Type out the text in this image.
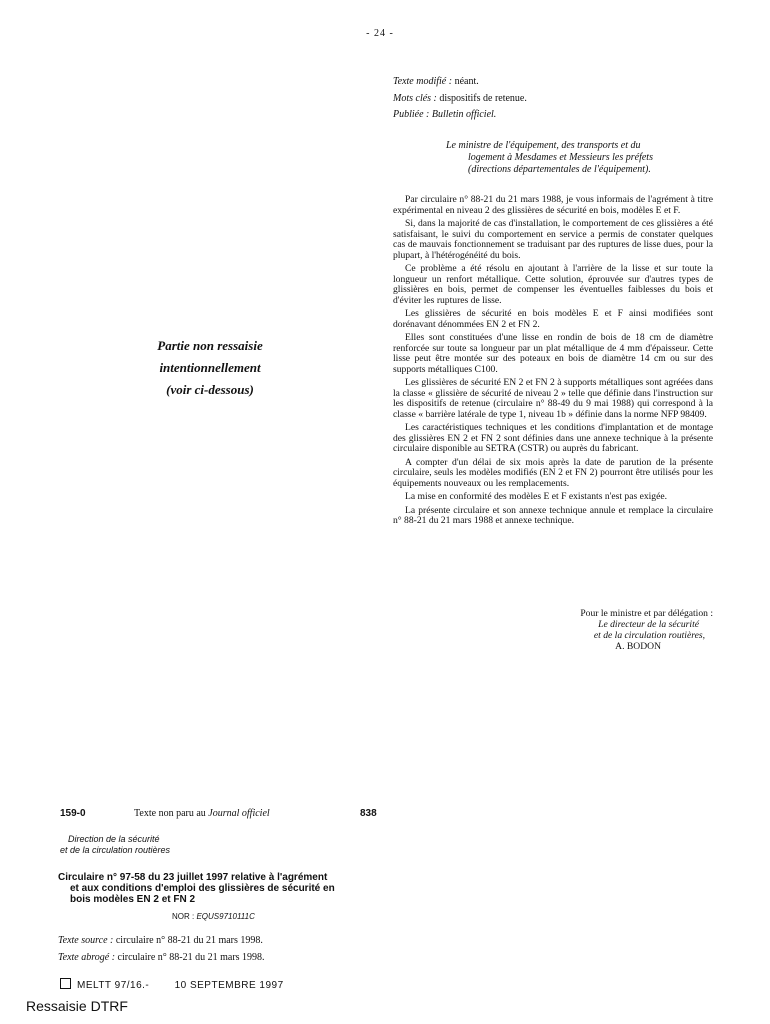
- 24 -
Texte modifié : néant.
Mots clés : dispositifs de retenue.
Publiée : Bulletin officiel.
Le ministre de l'équipement, des transports et du
logement à Mesdames et Messieurs les préfets
(directions départementales de l'équipement).
Partie non ressaisie
intentionnellement
(voir ci-dessous)

Par circulaire n° 88-21 du 21 mars 1988, je vous informais de l'agrément à titre expérimental en niveau 2 des glissières de sécurité en bois, modèles E et F.

Si, dans la majorité de cas d'installation, le comportement de ces glissières a été satisfaisant, le suivi du comportement en service a permis de constater quelques cas de mauvais fonctionnement se traduisant par des ruptures de lisse dues, pour la plupart, à l'hétérogénéité du bois.

Ce problème a été résolu en ajoutant à l'arrière de la lisse et sur toute la longueur un renfort métallique. Cette solution, éprouvée sur d'autres types de glissières en bois, permet de compenser les éventuelles faiblesses du bois et d'éviter les ruptures de lisse.

Les glissières de sécurité en bois modèles E et F ainsi modifiées sont dorénavant dénommées EN 2 et FN 2.

Elles sont constituées d'une lisse en rondin de bois de 18 cm de diamètre renforcée sur toute sa longueur par un plat métallique de 4 mm d'épaisseur. Cette lisse peut être montée sur des poteaux en bois de diamètre 14 cm ou sur des supports métalliques C100.

Les glissières de sécurité EN 2 et FN 2 à supports métalliques sont agréées dans la classe « glissière de sécurité de niveau 2 » telle que définie dans l'instruction sur les dispositifs de retenue (circulaire n° 88-49 du 9 mai 1988) qui correspond à la classe « barrière latérale de type 1, niveau 1b » définie dans la norme NFP 98409.

Les caractéristiques techniques et les conditions d'implantation et de montage des glissières EN 2 et FN 2 sont définies dans une annexe technique à la présente circulaire disponible au SETRA (CSTR) ou auprès du fabricant.

A compter d'un délai de six mois après la date de parution de la présente circulaire, seuls les modèles modifiés (EN 2 et FN 2) pourront être utilisés pour les équipements nouveaux ou les remplacements.

La mise en conformité des modèles E et F existants n'est pas exigée.

La présente circulaire et son annexe technique annule et remplace la circulaire n° 88-21 du 21 mars 1988 et annexe technique.

Pour le ministre et par délégation :
Le directeur de la sécurité
et de la circulation routières,
A. BODON
159-0	Texte non paru au Journal officiel	838
Direction de la sécurité
et de la circulation routières
Circulaire n° 97-58 du 23 juillet 1997 relative à l'agrément
et aux conditions d'emploi des glissières de sécurité en
bois modèles EN 2 et FN 2
NOR : EQUS9710111C
Texte source : circulaire n° 88-21 du 21 mars 1998.
Texte abrogé : circulaire n° 88-21 du 21 mars 1998.
MELTT 97/16.-	10 SEPTEMBRE 1997
Ressaisie DTRF
